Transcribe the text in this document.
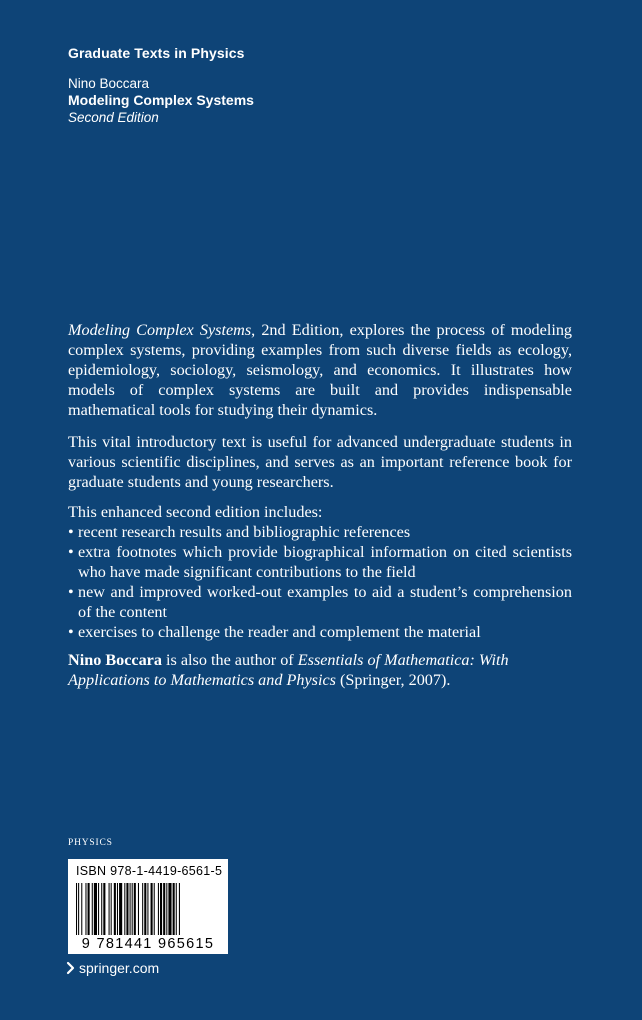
Graduate Texts in Physics
Nino Boccara
Modeling Complex Systems
Second Edition

Modeling Complex Systems, 2nd Edition, explores the process of modeling complex systems, providing examples from such diverse fields as ecology, epidemiology, sociology, seismology, and economics. It illustrates how models of complex systems are built and provides indispensable mathematical tools for studying their dynamics.

This vital introductory text is useful for advanced undergraduate students in various scientific disciplines, and serves as an important reference book for graduate students and young researchers.

This enhanced second edition includes:
• recent research results and bibliographic references
• extra footnotes which provide biographical information on cited scientists who have made significant contributions to the field
• new and improved worked-out examples to aid a student’s comprehension of the content
• exercises to challenge the reader and complement the material

Nino Boccara is also the author of Essentials of Mathematica: With Applications to Mathematics and Physics (Springer, 2007).

PHYSICS
ISBN 978-1-4419-6561-5
9 781441 965615
springer.com
